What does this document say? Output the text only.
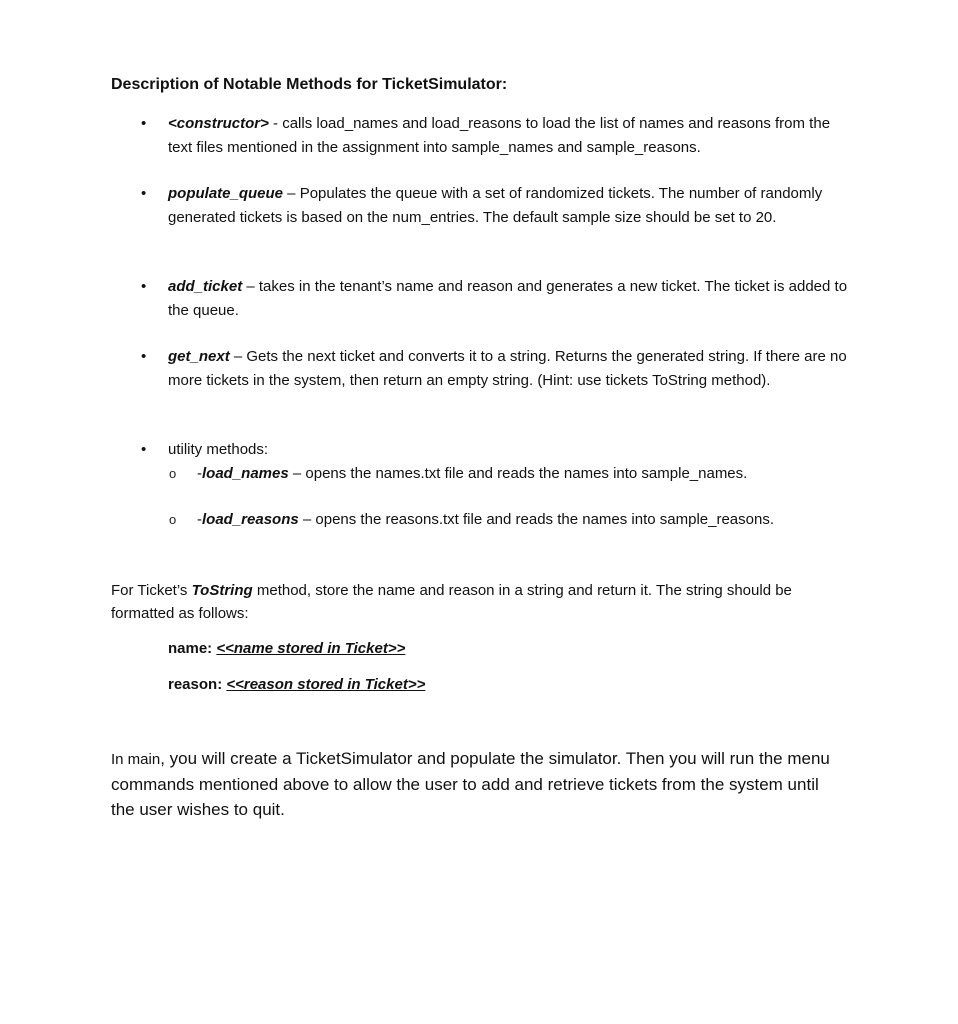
Description of Notable Methods for TicketSimulator:
• <constructor> - calls load_names and load_reasons to load the list of names and reasons from the text files mentioned in the assignment into sample_names and sample_reasons.
• populate_queue – Populates the queue with a set of randomized tickets. The number of randomly generated tickets is based on the num_entries. The default sample size should be set to 20.
• add_ticket – takes in the tenant’s name and reason and generates a new ticket. The ticket is added to the queue.
• get_next – Gets the next ticket and converts it to a string. Returns the generated string. If there are no more tickets in the system, then return an empty string. (Hint: use tickets ToString method).
• utility methods:
o -load_names – opens the names.txt file and reads the names into sample_names.
o -load_reasons – opens the reasons.txt file and reads the names into sample_reasons.
For Ticket’s ToString method, store the name and reason in a string and return it. The string should be formatted as follows:
name: <<name stored in Ticket>>
reason: <<reason stored in Ticket>>
In main, you will create a TicketSimulator and populate the simulator. Then you will run the menu commands mentioned above to allow the user to add and retrieve tickets from the system until the user wishes to quit.
